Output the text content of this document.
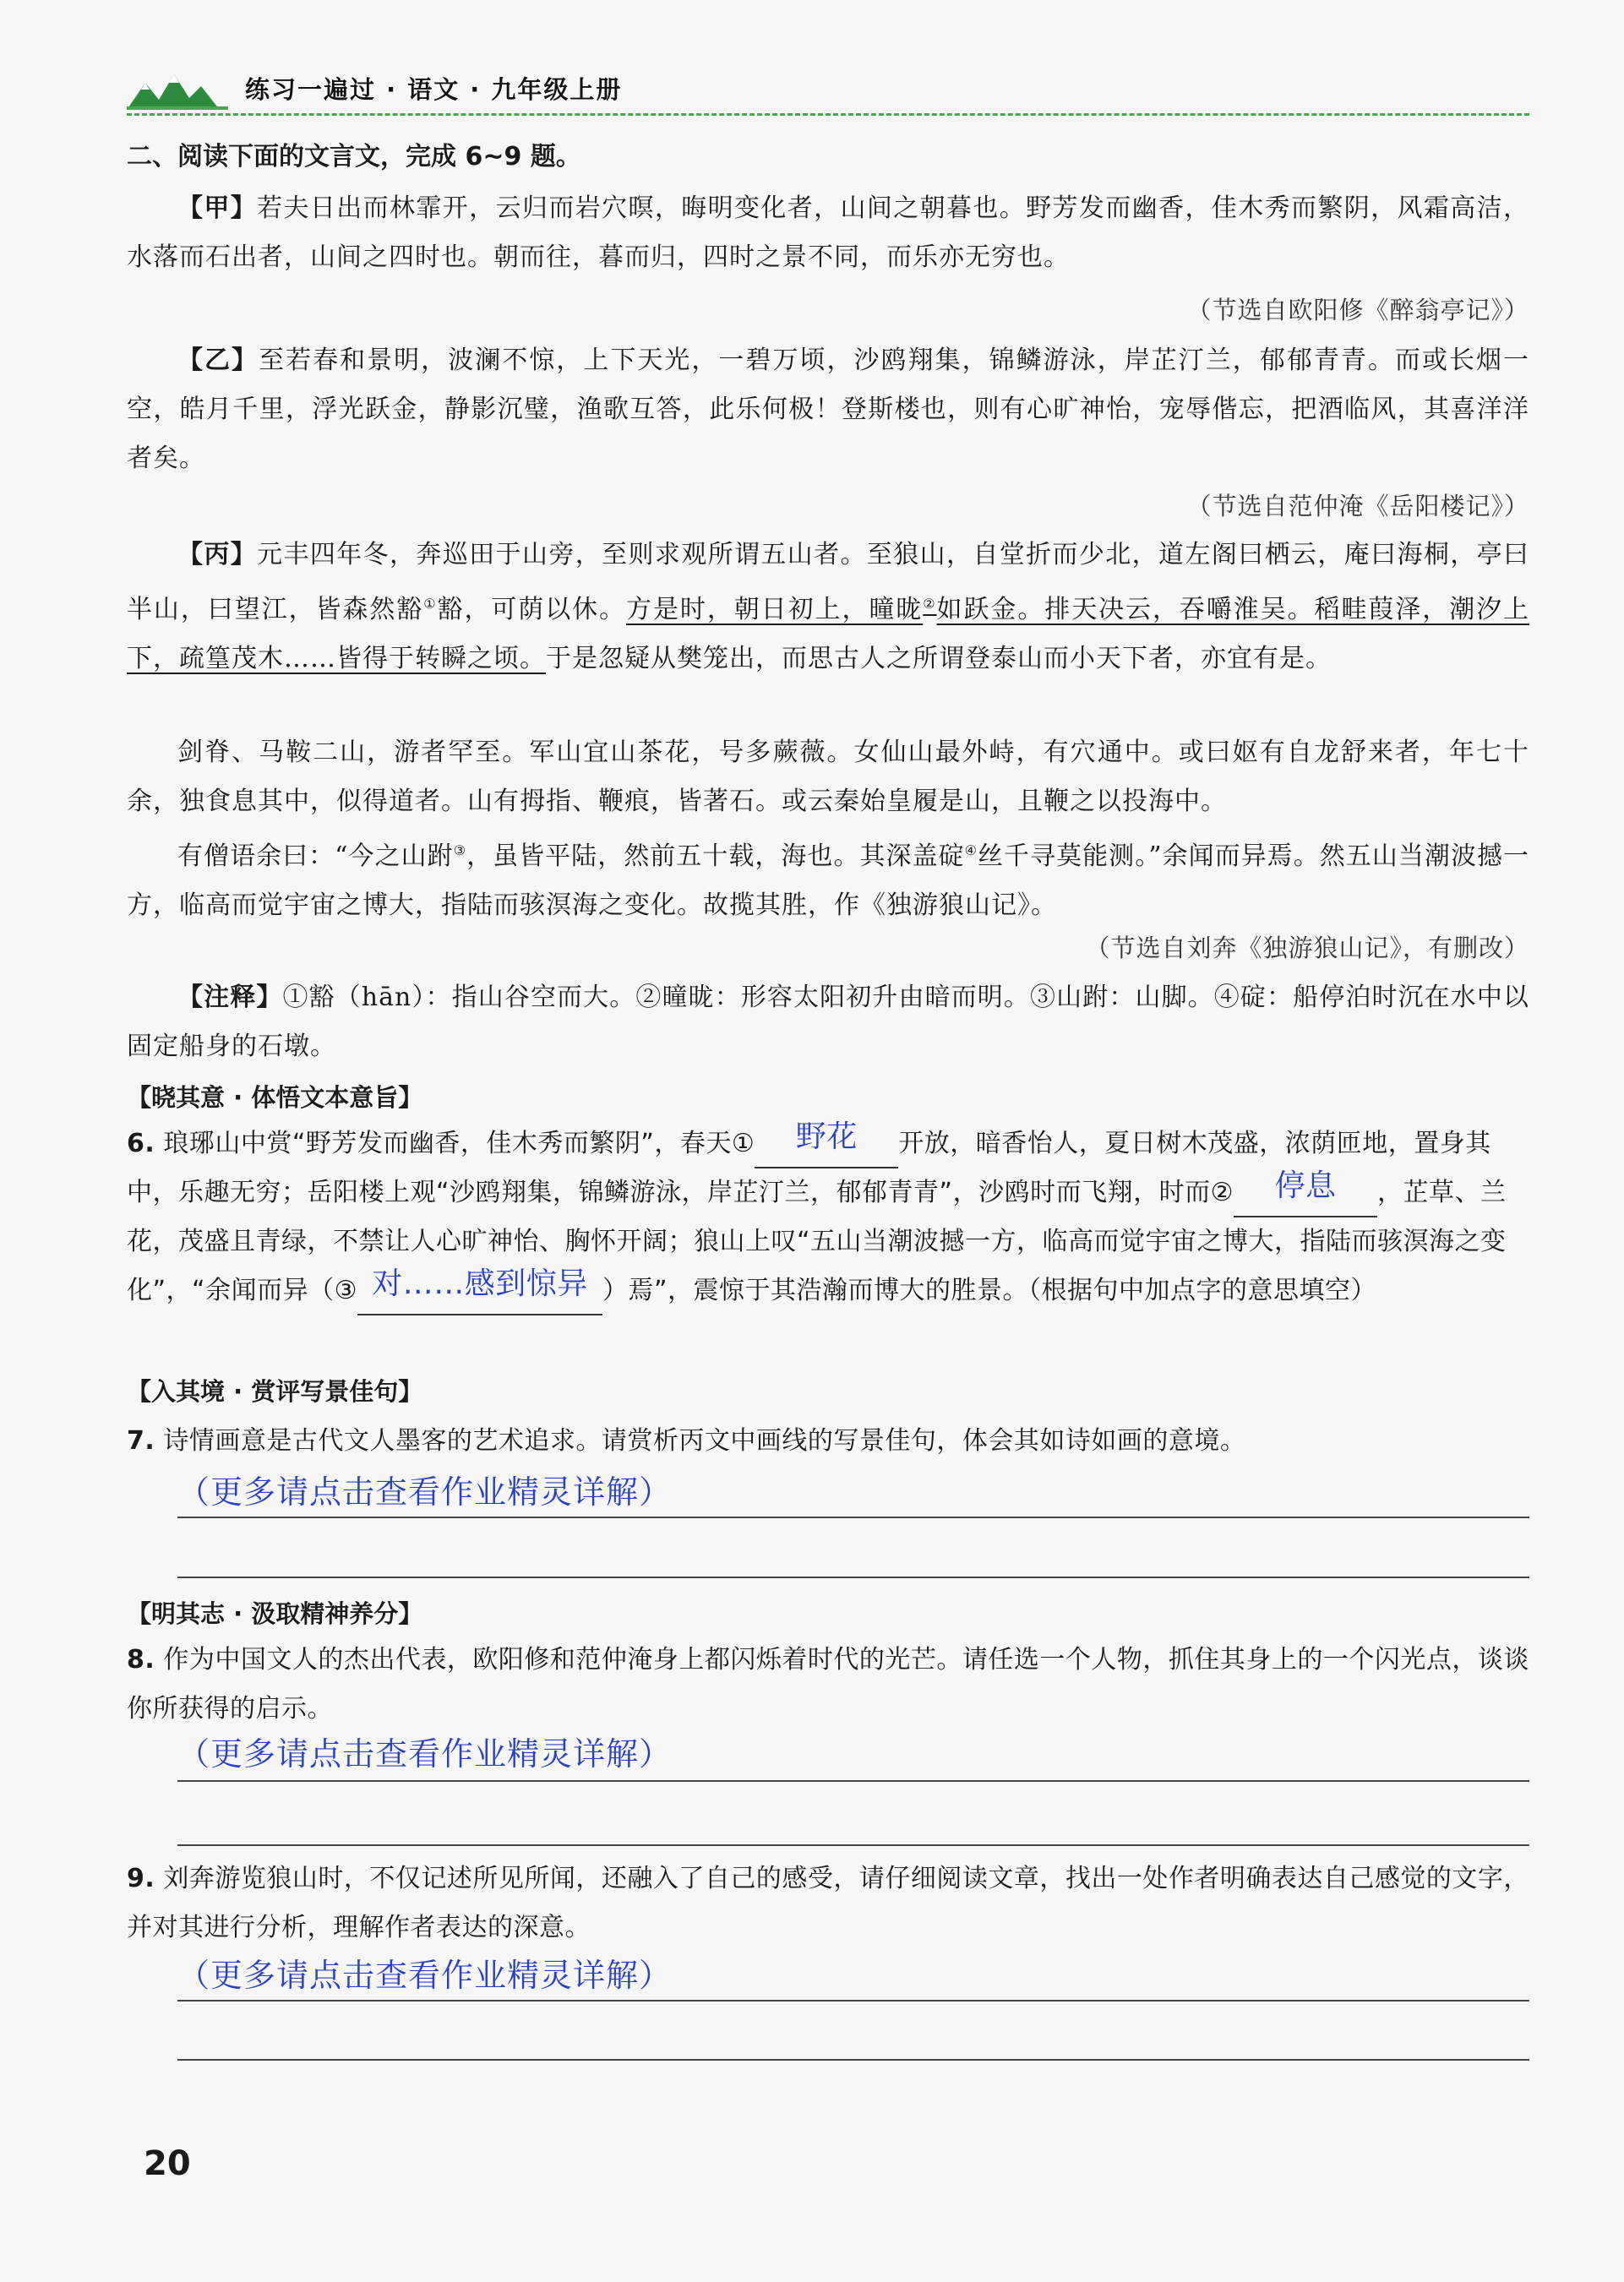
练习一遍过 · 语文 · 九年级上册
二、阅读下面的文言文，完成 6~9 题。
【甲】若夫日出而林霏开，云归而岩穴暝，晦明变化者，山间之朝暮也。野芳发而幽香，佳木秀而繁阴，风霜高洁，水落而石出者，山间之四时也。朝而往，暮而归，四时之景不同，而乐亦无穷也。
（节选自欧阳修《醉翁亭记》）
【乙】至若春和景明，波澜不惊，上下天光，一碧万顷，沙鸥翔集，锦鳞游泳，岸芷汀兰，郁郁青青。而或长烟一空，皓月千里，浮光跃金，静影沉璧，渔歌互答，此乐何极！登斯楼也，则有心旷神怡，宠辱偕忘，把酒临风，其喜洋洋者矣。
（节选自范仲淹《岳阳楼记》）
【丙】元丰四年冬，奔巡田于山旁，至则求观所谓五山者。至狼山，自堂折而少北，道左阁曰栖云，庵曰海桐，亭曰半山，曰望江，皆森然豁①豁，可荫以休。方是时，朝日初上，曈昽②如跃金。排天决云，吞嚼淮吴。稻畦葭泽，潮汐上下，疏篁茂木……皆得于转瞬之顷。于是忽疑从樊笼出，而思古人之所谓登泰山而小天下者，亦宜有是。
剑脊、马鞍二山，游者罕至。军山宜山茶花，号多蕨薇。女仙山最外峙，有穴通中。或曰妪有自龙舒来者，年七十余，独食息其中，似得道者。山有拇指、鞭痕，皆著石。或云秦始皇履是山，且鞭之以投海中。
有僧语余曰：“今之山跗③，虽皆平陆，然前五十载，海也。其深盖碇④丝千寻莫能测。”余闻而异焉。然五山当潮波撼一方，临高而觉宇宙之博大，指陆而骇溟海之变化。故揽其胜，作《独游狼山记》。
（节选自刘奔《独游狼山记》，有删改）
【注释】①豁（hān）：指山谷空而大。②曈昽：形容太阳初升由暗而明。③山跗：山脚。④碇：船停泊时沉在水中以固定船身的石墩。
【晓其意 · 体悟文本意旨】
6. 琅琊山中赏“野芳发而幽香，佳木秀而繁阴”，春天①	野花	开放，暗香怡人，夏日树木茂盛，浓荫匝地，置身其中，乐趣无穷；岳阳楼上观“沙鸥翔集，锦鳞游泳，岸芷汀兰，郁郁青青”，沙鸥时而飞翔，时而②	停息	，芷草、兰花，茂盛且青绿，不禁让人心旷神怡、胸怀开阔；狼山上叹“五山当潮波撼一方，临高而觉宇宙之博大，指陆而骇溟海之变化”，“余闻而异（③ 对……感到惊异 ）焉”，震惊于其浩瀚而博大的胜景。（根据句中加点字的意思填空）
【入其境 · 赏评写景佳句】
7. 诗情画意是古代文人墨客的艺术追求。请赏析丙文中画线的写景佳句，体会其如诗如画的意境。
（更多请点击查看作业精灵详解）
【明其志 · 汲取精神养分】
8. 作为中国文人的杰出代表，欧阳修和范仲淹身上都闪烁着时代的光芒。请任选一个人物，抓住其身上的一个闪光点，谈谈你所获得的启示。
（更多请点击查看作业精灵详解）
9. 刘奔游览狼山时，不仅记述所见所闻，还融入了自己的感受，请仔细阅读文章，找出一处作者明确表达自己感觉的文字，并对其进行分析，理解作者表达的深意。
（更多请点击查看作业精灵详解）
20
